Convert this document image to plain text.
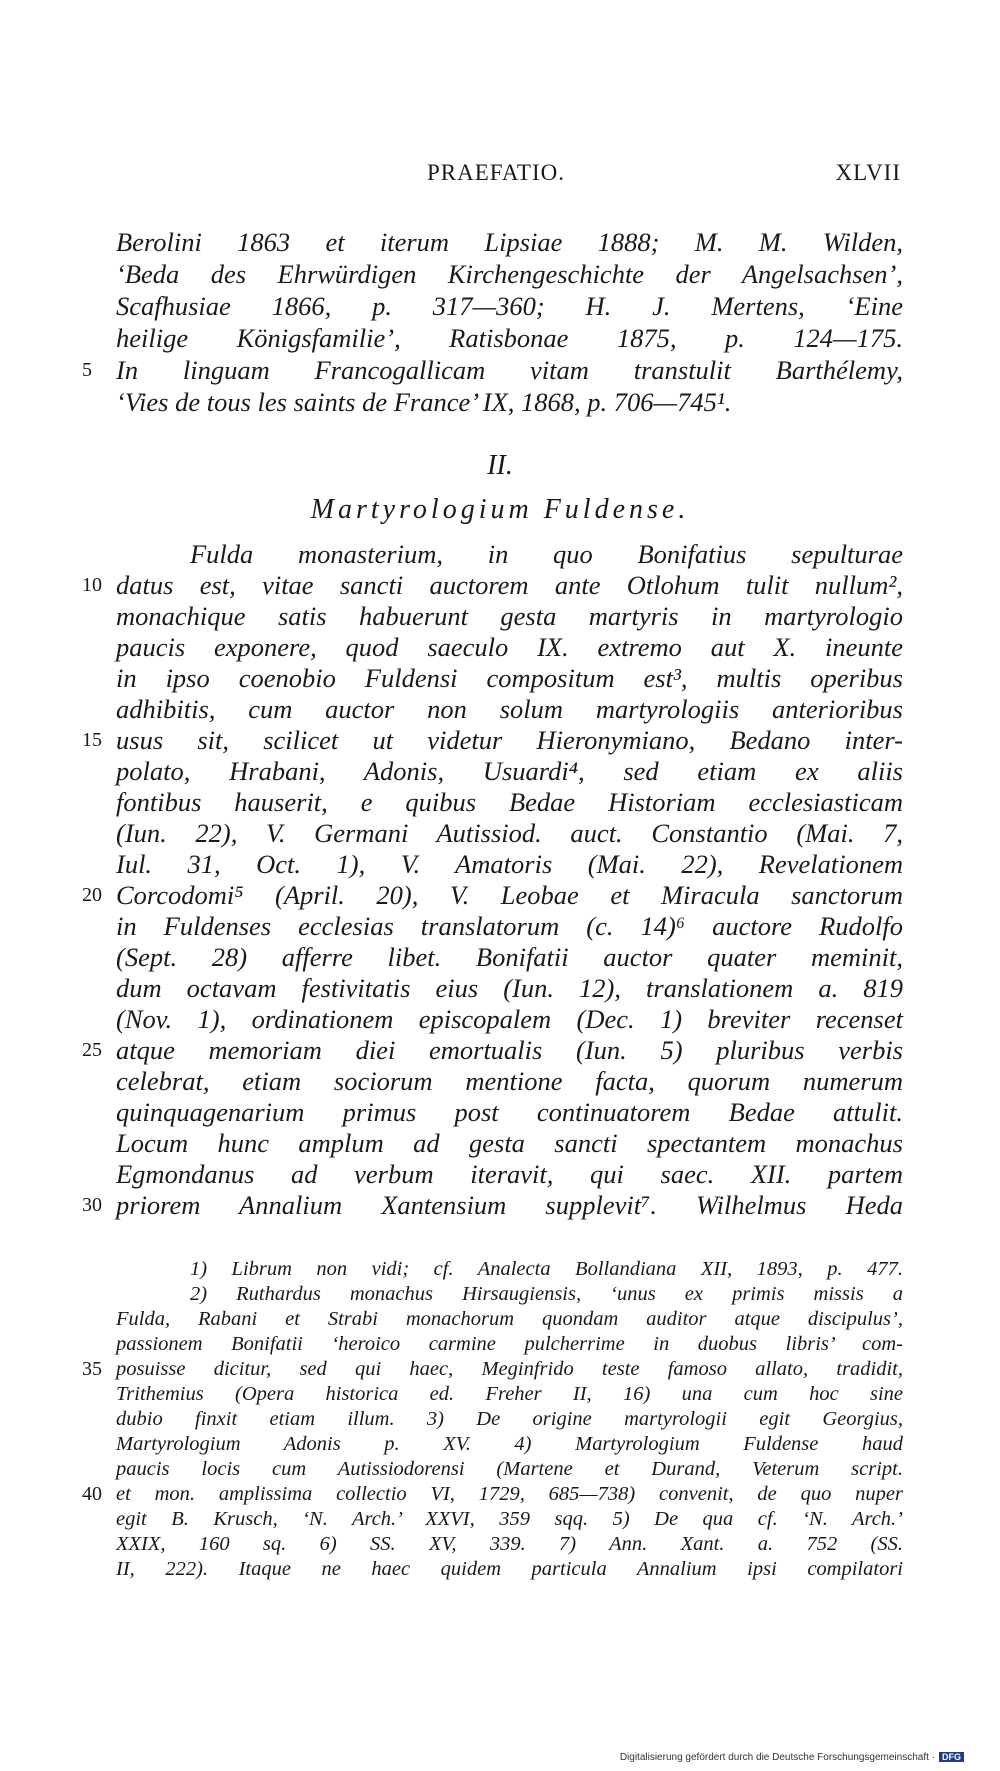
PRAEFATIO.	XLVII
Berolini 1863 et iterum Lipsiae 1888; M. M. Wilden,
‘Beda des Ehrwürdigen Kirchengeschichte der Angelsachsen’,
Scafhusiae 1866, p. 317—360; H. J. Mertens, ‘Eine
heilige Königsfamilie’, Ratisbonae 1875, p. 124—175.
5 In linguam Francogallicam vitam transtulit Barthélemy,
‘Vies de tous les saints de France’ IX, 1868, p. 706—745¹.
II.
Martyrologium Fuldense.
Fulda monasterium, in quo Bonifatius sepulturae
10 datus est, vitae sancti auctorem ante Otlohum tulit nullum²,
monachique satis habuerunt gesta martyris in martyrologio
paucis exponere, quod saeculo IX. extremo aut X. ineunte
in ipso coenobio Fuldensi compositum est³, multis operibus
adhibitis, cum auctor non solum martyrologiis anterioribus
15 usus sit, scilicet ut videtur Hieronymiano, Bedano inter-
polato, Hrabani, Adonis, Usuardi⁴, sed etiam ex aliis
fontibus hauserit, e quibus Bedae Historiam ecclesiasticam
(Iun. 22), V. Germani Autissiod. auct. Constantio (Mai. 7,
Iul. 31, Oct. 1), V. Amatoris (Mai. 22), Revelationem
20 Corcodomi⁵ (April. 20), V. Leobae et Miracula sanctorum
in Fuldenses ecclesias translatorum (c. 14)⁶ auctore Rudolfo
(Sept. 28) afferre libet. Bonifatii auctor quater meminit,
dum octavam festivitatis eius (Iun. 12), translationem a. 819
(Nov. 1), ordinationem episcopalem (Dec. 1) breviter recenset
25 atque memoriam diei emortualis (Iun. 5) pluribus verbis
celebrat, etiam sociorum mentione facta, quorum numerum
quinquagenarium primus post continuatorem Bedae attulit.
Locum hunc amplum ad gesta sancti spectantem monachus
Egmondanus ad verbum iteravit, qui saec. XII. partem
30 priorem Annalium Xantensium supplevit⁷. Wilhelmus Heda
1) Librum non vidi; cf. Analecta Bollandiana XII, 1893, p. 477.
2) Ruthardus monachus Hirsaugiensis, ‘unus ex primis missis a
Fulda, Rabani et Strabi monachorum quondam auditor atque discipulus’,
passionem Bonifatii ‘heroico carmine pulcherrime in duobus libris’ com-
35 posuisse dicitur, sed qui haec, Meginfrido teste famoso allato, tradidit,
Trithemius (Opera historica ed. Freher II, 16) una cum hoc sine
dubio finxit etiam illum. 3) De origine martyrologii egit Georgius,
Martyrologium Adonis p. XV. 4) Martyrologium Fuldense haud
paucis locis cum Autissiodorensi (Martene et Durand, Veterum script.
40 et mon. amplissima collectio VI, 1729, 685—738) convenit, de quo nuper
egit B. Krusch, ‘N. Arch.’ XXVI, 359 sqq. 5) De qua cf. ‘N. Arch.’
XXIX, 160 sq. 6) SS. XV, 339. 7) Ann. Xant. a. 752 (SS.
II, 222). Itaque ne haec quidem particula Annalium ipsi compilatori
Digitalisierung gefördert durch die Deutsche Forschungsgemeinschaft · DFG
